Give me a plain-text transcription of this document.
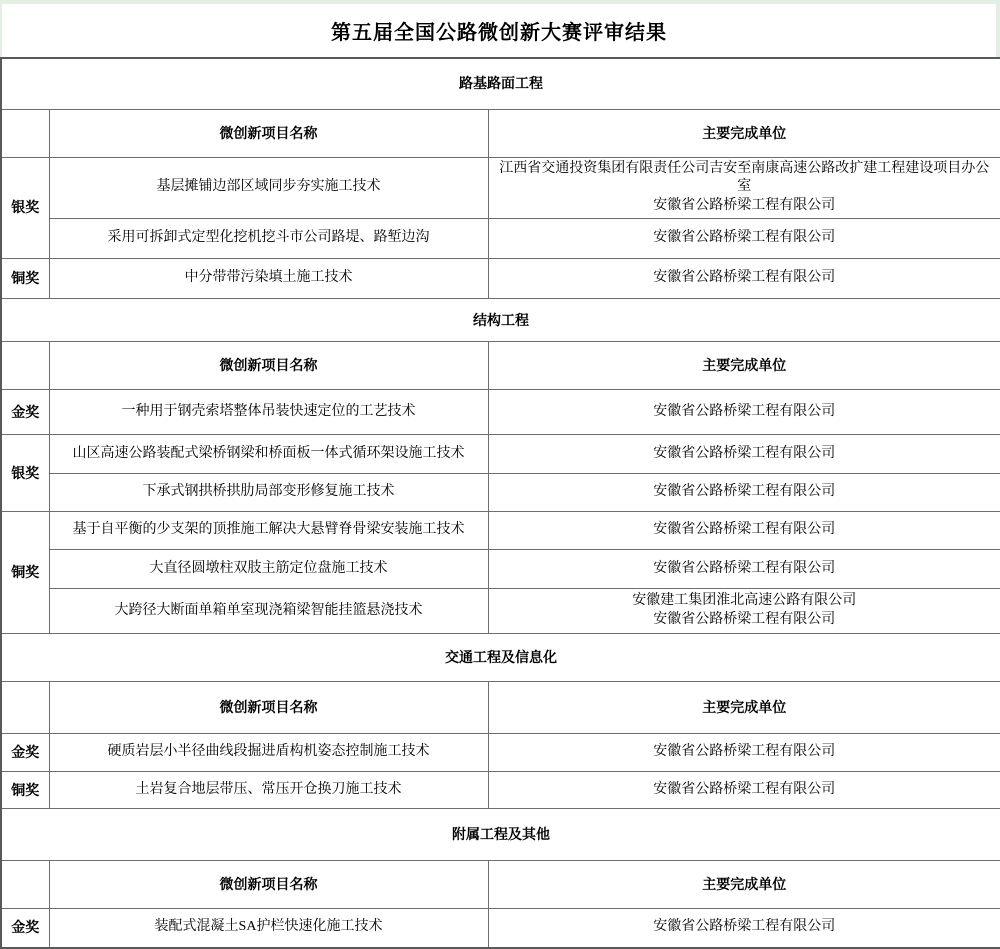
第五届全国公路微创新大赛评审结果
路基路面工程		
	微创新项目名称	主要完成单位
银奖	基层摊铺边部区域同步夯实施工技术	江西省交通投资集团有限责任公司吉安至南康高速公路改扩建工程建设项目办公室
安徽省公路桥梁工程有限公司

	采用可拆卸式定型化挖机挖斗市公司路堤、路堑边沟	安徽省公路桥梁工程有限公司
铜奖	中分带带污染填土施工技术	安徽省公路桥梁工程有限公司
结构工程		
	微创新项目名称	主要完成单位
金奖	一种用于钢壳索塔整体吊装快速定位的工艺技术	安徽省公路桥梁工程有限公司
银奖	山区高速公路装配式梁桥钢梁和桥面板一体式循环架设施工技术	安徽省公路桥梁工程有限公司
	下承式钢拱桥拱肋局部变形修复施工技术	安徽省公路桥梁工程有限公司
铜奖	基于自平衡的少支架的顶推施工解决大悬臂脊骨梁安装施工技术	安徽省公路桥梁工程有限公司
	大直径圆墩柱双肢主筋定位盘施工技术	安徽省公路桥梁工程有限公司
	大跨径大断面单箱单室现浇箱梁智能挂篮悬浇技术	安徽建工集团淮北高速公路有限公司
安徽省公路桥梁工程有限公司

交通工程及信息化		
	微创新项目名称	主要完成单位
金奖	硬质岩层小半径曲线段掘进盾构机姿态控制施工技术	安徽省公路桥梁工程有限公司
铜奖	土岩复合地层带压、常压开仓换刀施工技术	安徽省公路桥梁工程有限公司
附属工程及其他		
	微创新项目名称	主要完成单位
金奖	装配式混凝土SA护栏快速化施工技术	安徽省公路桥梁工程有限公司
